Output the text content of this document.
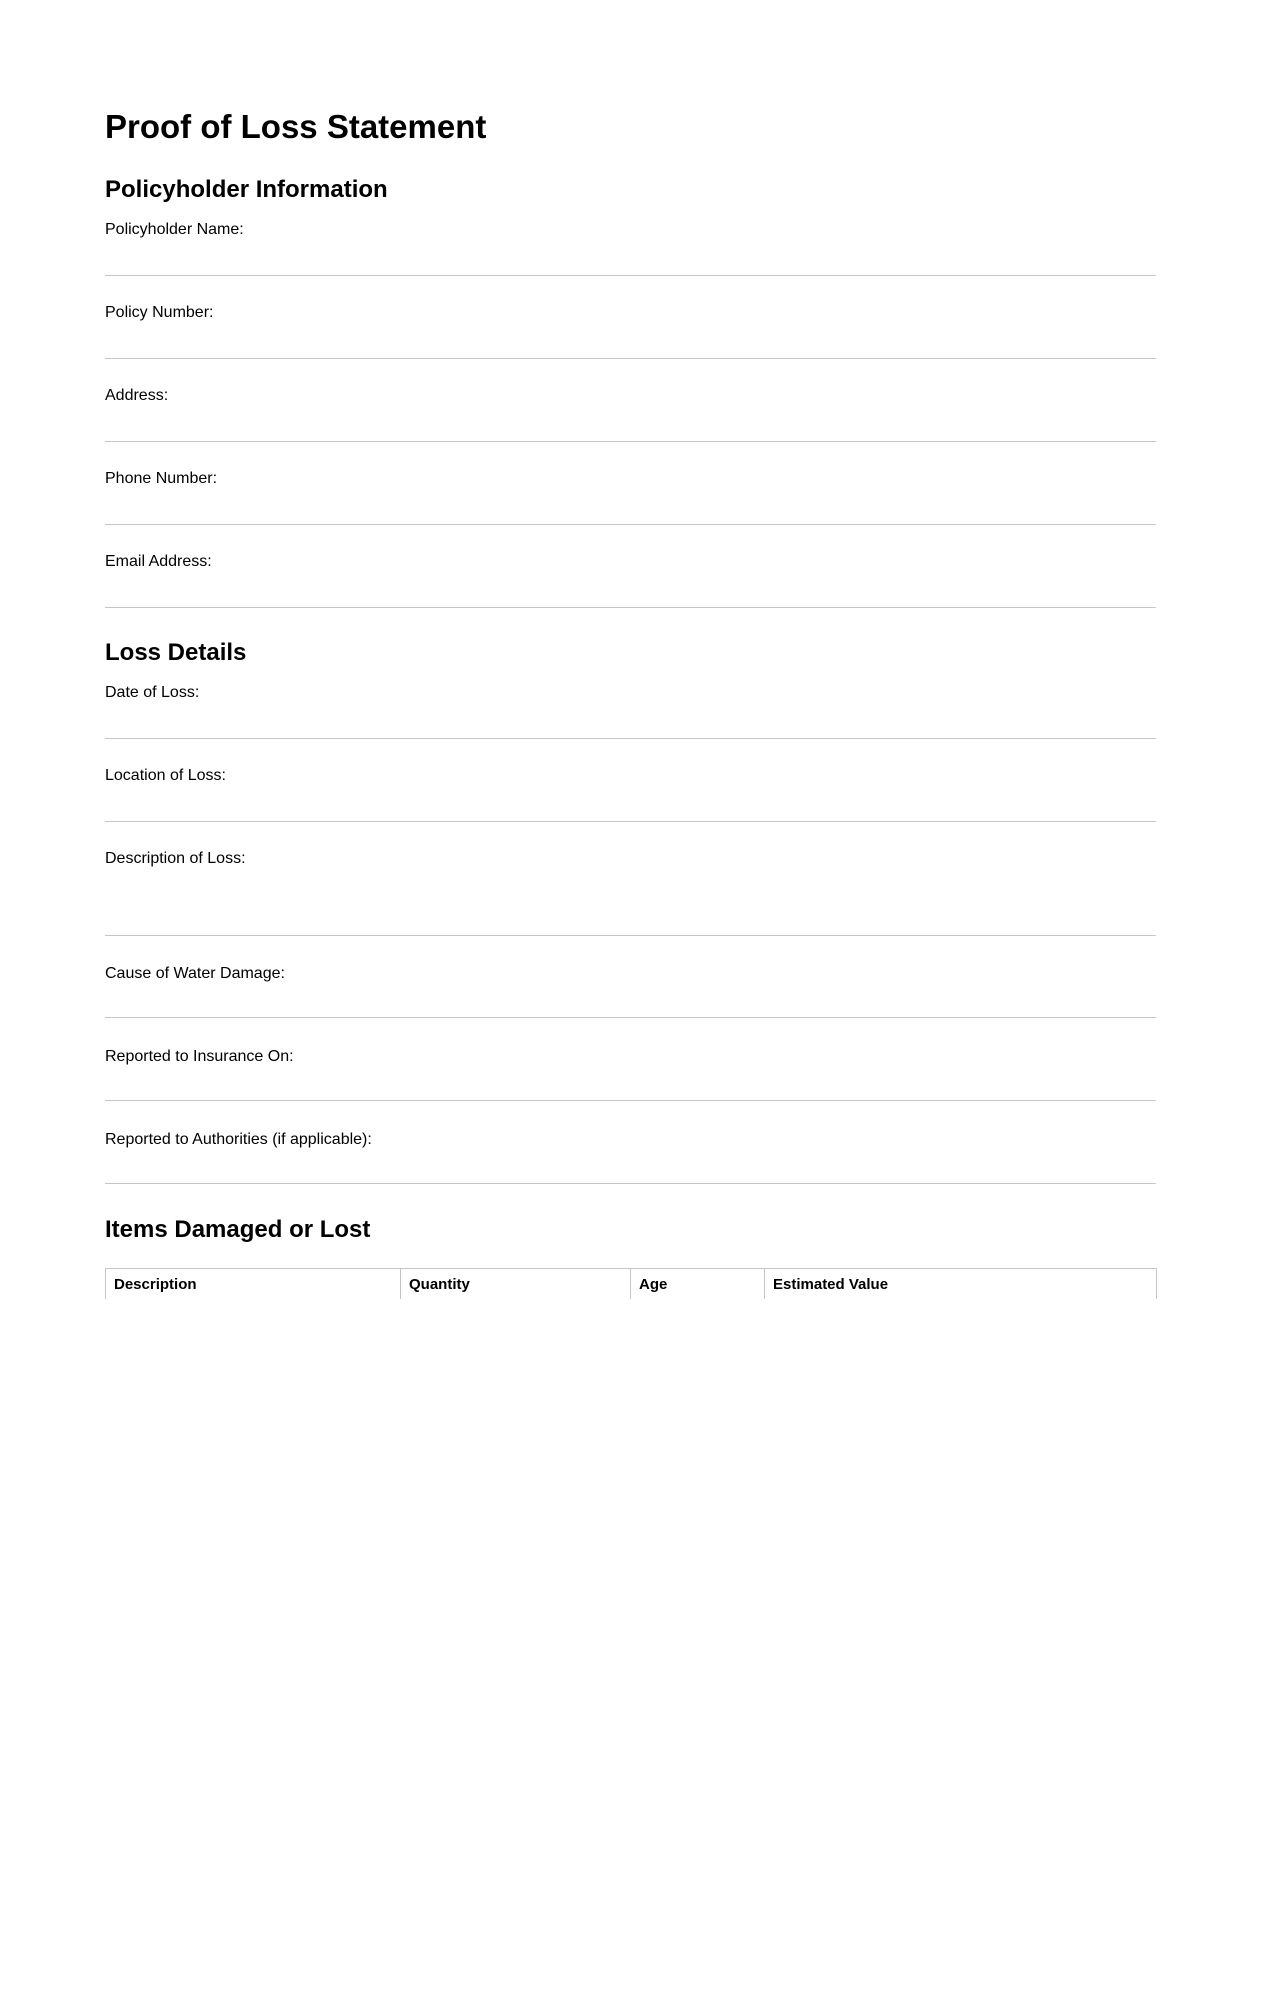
Proof of Loss Statement
Policyholder Information
Policyholder Name:
Policy Number:
Address:
Phone Number:
Email Address:
Loss Details
Date of Loss:
Location of Loss:
Description of Loss:
Cause of Water Damage:
Reported to Insurance On:
Reported to Authorities (if applicable):
Items Damaged or Lost
Description	Quantity	Age	Estimated Value
